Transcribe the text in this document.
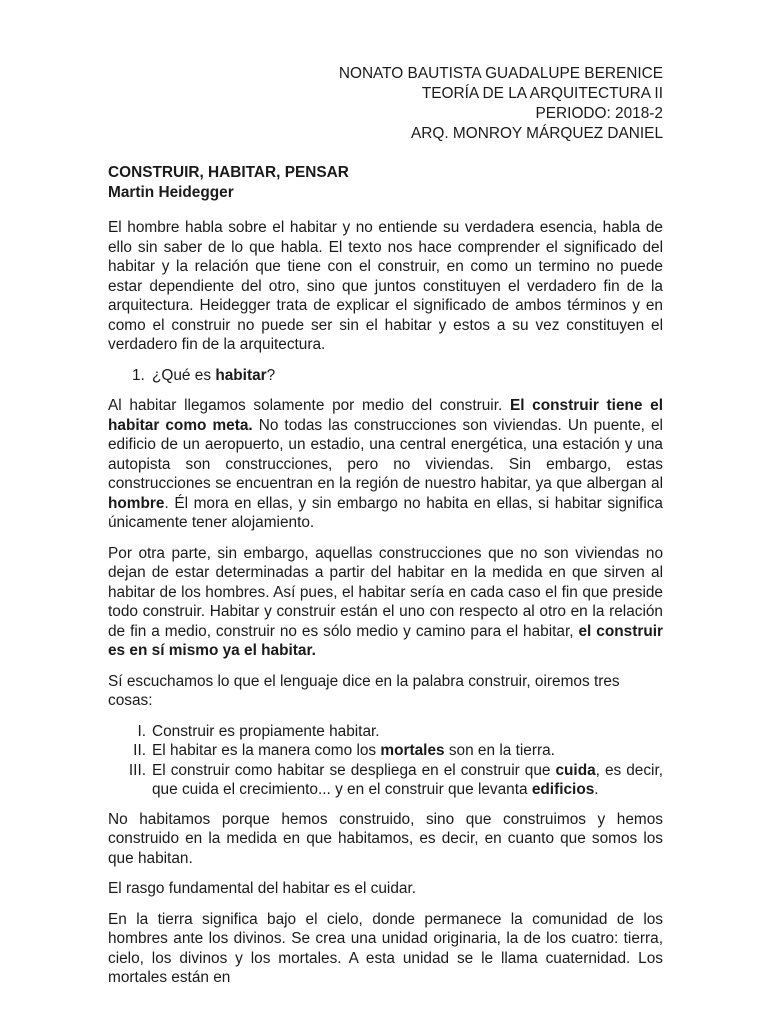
NONATO BAUTISTA GUADALUPE BERENICE
TEORÍA DE LA ARQUITECTURA II
PERIODO: 2018-2
ARQ. MONROY MÁRQUEZ DANIEL
CONSTRUIR, HABITAR, PENSAR
Martin Heidegger

El hombre habla sobre el habitar y no entiende su verdadera esencia, habla de ello sin saber de lo que habla. El texto nos hace comprender el significado del habitar y la relación que tiene con el construir, en como un termino no puede estar dependiente del otro, sino que juntos constituyen el verdadero fin de la arquitectura. Heidegger trata de explicar el significado de ambos términos y en como el construir no puede ser sin el habitar y estos a su vez constituyen el verdadero fin de la arquitectura.

1. ¿Qué es habitar?

Al habitar llegamos solamente por medio del construir. El construir tiene el habitar como meta. No todas las construcciones son viviendas. Un puente, el edificio de un aeropuerto, un estadio, una central energética, una estación y una autopista son construcciones, pero no viviendas. Sin embargo, estas construcciones se encuentran en la región de nuestro habitar, ya que albergan al hombre. Él mora en ellas, y sin embargo no habita en ellas, si habitar significa únicamente tener alojamiento.

Por otra parte, sin embargo, aquellas construcciones que no son viviendas no dejan de estar determinadas a partir del habitar en la medida en que sirven al habitar de los hombres. Así pues, el habitar sería en cada caso el fin que preside todo construir. Habitar y construir están el uno con respecto al otro en la relación de fin a medio, construir no es sólo medio y camino para el habitar, el construir es en sí mismo ya el habitar.

Sí escuchamos lo que el lenguaje dice en la palabra construir, oiremos tres cosas:

I. Construir es propiamente habitar.
II. El habitar es la manera como los mortales son en la tierra.
III. El construir como habitar se despliega en el construir que cuida, es decir, que cuida el crecimiento... y en el construir que levanta edificios.

No habitamos porque hemos construido, sino que construimos y hemos construido en la medida en que habitamos, es decir, en cuanto que somos los que habitan.

El rasgo fundamental del habitar es el cuidar.

En la tierra significa bajo el cielo, donde permanece la comunidad de los hombres ante los divinos. Se crea una unidad originaria, la de los cuatro: tierra, cielo, los divinos y los mortales. A esta unidad se le llama cuaternidad. Los mortales están en
